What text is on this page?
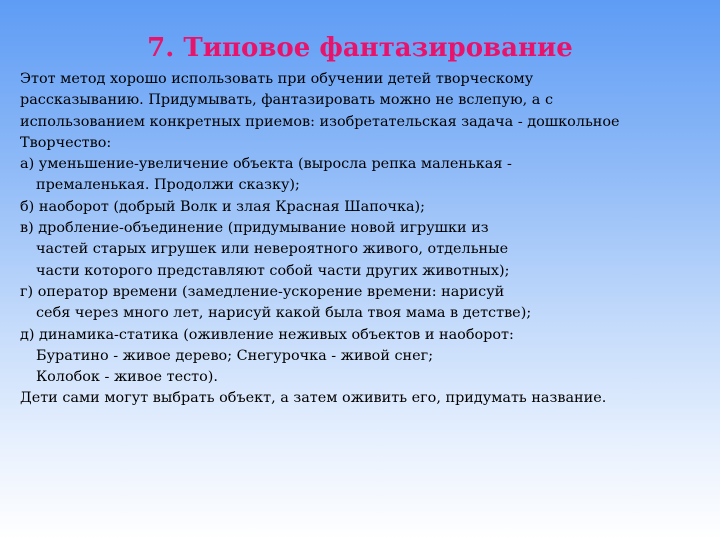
7. Типовое фантазирование
Этот метод хорошо использовать при обучении детей творческому
рассказыванию. Придумывать, фантазировать можно не вслепую, а с
использованием конкретных приемов: изобретательская задача - дошкольное
Творчество:
а) уменьшение-увеличение объекта (выросла репка маленькая -
премаленькая. Продолжи сказку);
б) наоборот (добрый Волк и злая Красная Шапочка);
в) дробление-объединение (придумывание новой игрушки из
частей старых игрушек или невероятного живого, отдельные
части которого представляют собой части других животных);
г) оператор времени (замедление-ускорение времени: нарисуй
себя через много лет, нарисуй какой была твоя мама в детстве);
д) динамика-статика (оживление неживых объектов и наоборот:
Буратино - живое дерево; Снегурочка - живой снег;
Колобок - живое тесто).
Дети сами могут выбрать объект, а затем оживить его, придумать название.
